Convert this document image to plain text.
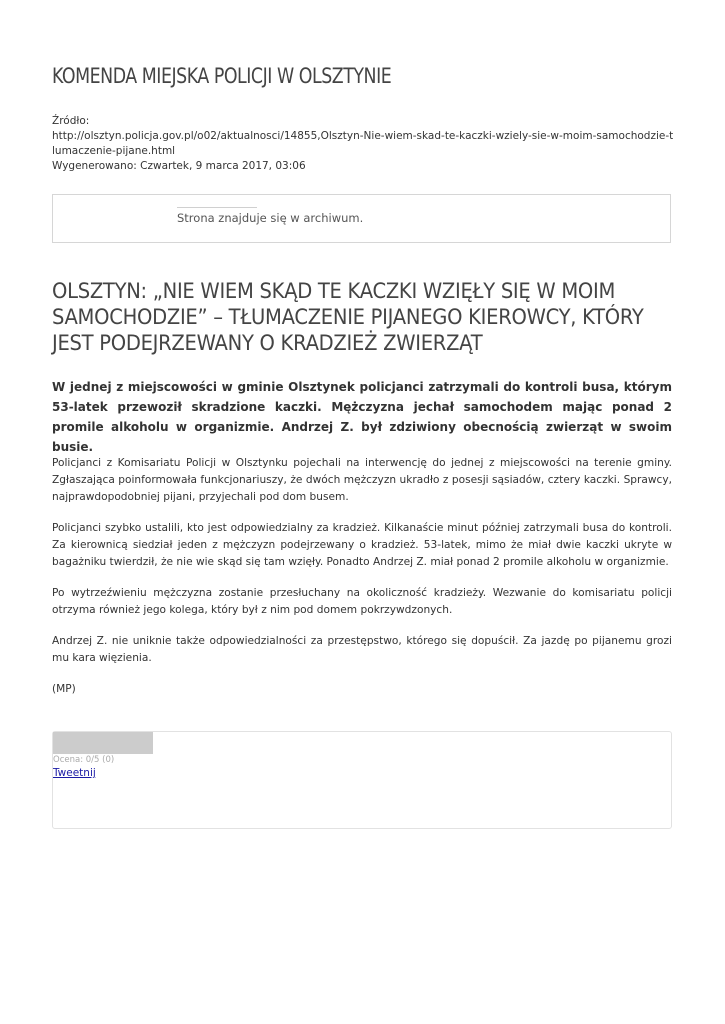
KOMENDA MIEJSKA POLICJI W OLSZTYNIE
Źródło:
http://olsztyn.policja.gov.pl/o02/aktualnosci/14855,Olsztyn-Nie-wiem-skad-te-kaczki-wziely-sie-w-moim-samochodzie-tlumaczenie-pijane.html
Wygenerowano: Czwartek, 9 marca 2017, 03:06
Strona znajduje się w archiwum.
OLSZTYN: „NIE WIEM SKĄD TE KACZKI WZIĘŁY SIĘ W MOIM SAMOCHODZIE” – TŁUMACZENIE PIJANEGO KIEROWCY, KTÓRY JEST PODEJRZEWANY O KRADZIEŻ ZWIERZĄT

W jednej z miejscowości w gminie Olsztynek policjanci zatrzymali do kontroli busa, którym 53-latek przewoził skradzione kaczki. Mężczyzna jechał samochodem mając ponad 2 promile alkoholu w organizmie. Andrzej Z. był zdziwiony obecnością zwierząt w swoim busie.

Policjanci z Komisariatu Policji w Olsztynku pojechali na interwencję do jednej z miejscowości na terenie gminy. Zgłaszająca poinformowała funkcjonariuszy, że dwóch mężczyzn ukradło z posesji sąsiadów, cztery kaczki. Sprawcy, najprawdopodobniej pijani, przyjechali pod dom busem.

Policjanci szybko ustalili, kto jest odpowiedzialny za kradzież. Kilkanaście minut później zatrzymali busa do kontroli. Za kierownicą siedział jeden z mężczyzn podejrzewany o kradzież. 53-latek, mimo że miał dwie kaczki ukryte w bagażniku twierdził, że nie wie skąd się tam wzięły. Ponadto Andrzej Z. miał ponad 2 promile alkoholu w organizmie.

Po wytrzeźwieniu mężczyzna zostanie przesłuchany na okoliczność kradzieży. Wezwanie do komisariatu policji otrzyma również jego kolega, który był z nim pod domem pokrzywdzonych.

Andrzej Z. nie uniknie także odpowiedzialności za przestępstwo, którego się dopuścił. Za jazdę po pijanemu grozi mu kara więzienia.

(MP)

Ocena: 0/5 (0)
Tweetnij
